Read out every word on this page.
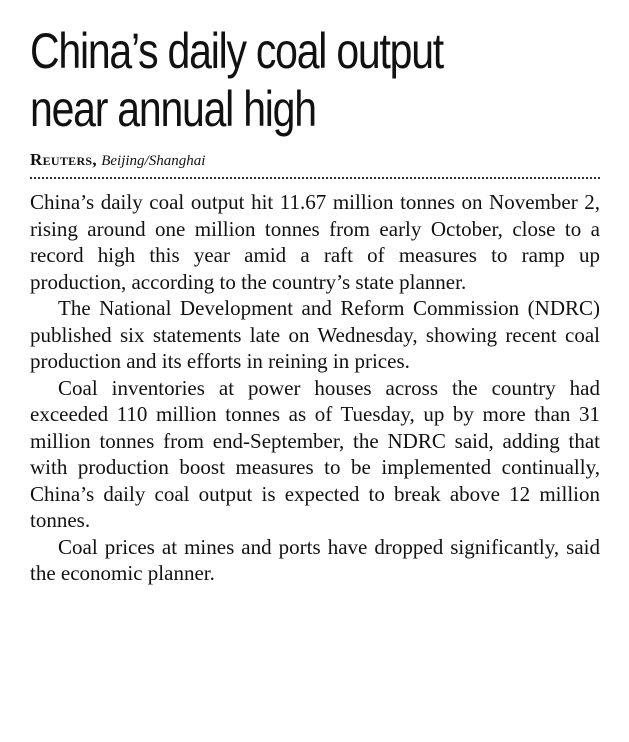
China’s daily coal output
near annual high
Reuters, Beijing/Shanghai

China’s daily coal output hit 11.67 million tonnes on November 2, rising around one million tonnes from early October, close to a record high this year amid a raft of measures to ramp up production, according to the country’s state planner.

The National Development and Reform Commission (NDRC) published six statements late on Wednesday, showing recent coal production and its efforts in reining in prices.

Coal inventories at power houses across the country had exceeded 110 million tonnes as of Tuesday, up by more than 31 million tonnes from end-September, the NDRC said, adding that with production boost measures to be implemented continually, China’s daily coal output is expected to break above 12 million tonnes.

Coal prices at mines and ports have dropped significantly, said the economic planner.
